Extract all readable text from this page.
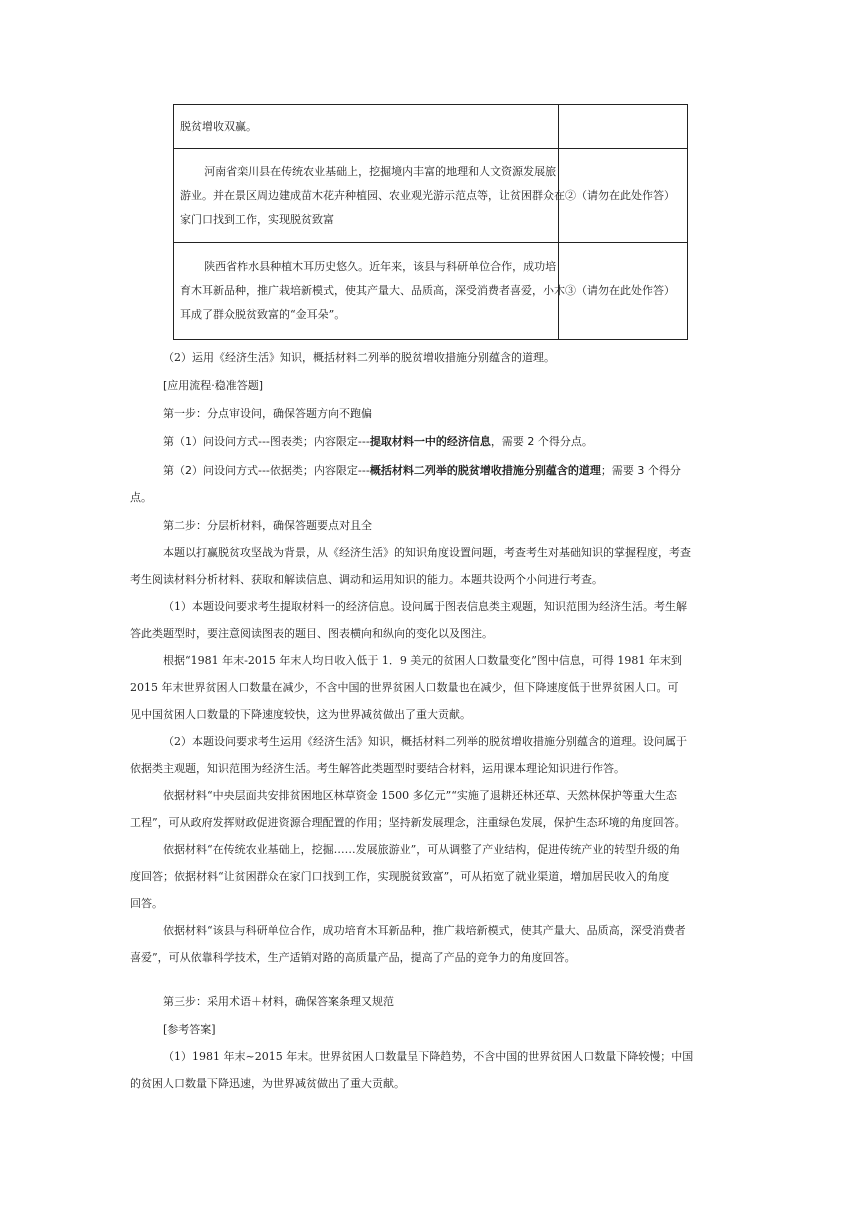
脱贫增收双赢。	

河南省栾川县在传统农业基础上，挖掘境内丰富的地理和人文资源发展旅
游业。并在景区周边建成苗木花卉种植园、农业观光游示范点等，让贫困群众在
家门口找到工作，实现脱贫致富	②（请勿在此处作答）

陕西省柞水县种植木耳历史悠久。近年来，该县与科研单位合作，成功培
育木耳新品种，推广栽培新模式，使其产量大、品质高，深受消费者喜爱，小木
耳成了群众脱贫致富的“金耳朵”。	③（请勿在此处作答）
（2）运用《经济生活》知识，概括材料二列举的脱贫增收措施分别蕴含的道理。
[应用流程·稳准答题]
第一步：分点审设问，确保答题方向不跑偏
第（1）问设问方式---图表类；内容限定---提取材料一中的经济信息，需要 2 个得分点。
第（2）问设问方式---依据类；内容限定---概括材料二列举的脱贫增收措施分别蕴含的道理；需要 3 个得分
点。
第二步：分层析材料，确保答题要点对且全

本题以打赢脱贫攻坚战为背景，从《经济生活》的知识角度设置问题，考查考生对基础知识的掌握程度，考查

考生阅读材料分析材料、获取和解读信息、调动和运用知识的能力。本题共设两个小问进行考查。

（1）本题设问要求考生提取材料一的经济信息。设问属于图表信息类主观题，知识范围为经济生活。考生解

答此类题型时，要注意阅读图表的题目、图表横向和纵向的变化以及图注。

根据“1981 年末-2015 年末人均日收入低于 1．9 美元的贫困人口数量变化”图中信息，可得 1981 年末到

2015 年末世界贫困人口数量在减少，不含中国的世界贫困人口数量也在减少，但下降速度低于世界贫困人口。可

见中国贫困人口数量的下降速度较快，这为世界减贫做出了重大贡献。

（2）本题设问要求考生运用《经济生活》知识，概括材料二列举的脱贫增收措施分别蕴含的道理。设问属于

依据类主观题，知识范围为经济生活。考生解答此类题型时要结合材料，运用课本理论知识进行作答。

依据材料“中央层面共安排贫困地区林草资金 1500 多亿元”“实施了退耕还林还草、天然林保护等重大生态

工程”，可从政府发挥财政促进资源合理配置的作用；坚持新发展理念，注重绿色发展，保护生态环境的角度回答。

依据材料“在传统农业基础上，挖掘……发展旅游业”，可从调整了产业结构，促进传统产业的转型升级的角

度回答；依据材料“让贫困群众在家门口找到工作，实现脱贫致富”，可从拓宽了就业渠道，增加居民收入的角度

回答。

依据材料“该县与科研单位合作，成功培育木耳新品种，推广栽培新模式，使其产量大、品质高，深受消费者

喜爱”，可从依靠科学技术，生产适销对路的高质量产品，提高了产品的竞争力的角度回答。

第三步：采用术语＋材料，确保答案条理又规范
[参考答案]

（1）1981 年末~2015 年末。世界贫困人口数量呈下降趋势，不含中国的世界贫困人口数量下降较慢；中国

的贫困人口数量下降迅速，为世界减贫做出了重大贡献。
